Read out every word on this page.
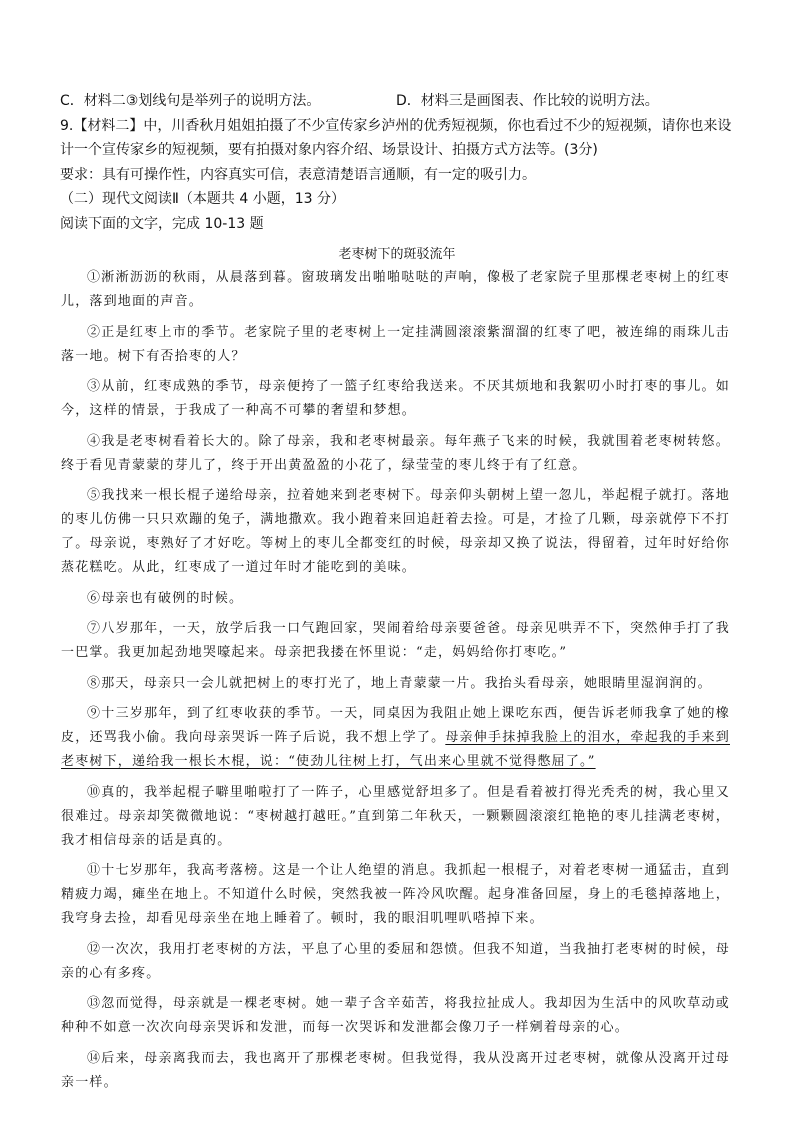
C．材料二③划线句是举列子的说明方法。	D．材料三是画图表、作比较的说明方法。

9.【材料二】中，川香秋月姐姐拍摄了不少宣传家乡泸州的优秀短视频，你也看过不少的短视频，请你也来设计一个宣传家乡的短视频，要有拍摄对象内容介绍、场景设计、拍摄方式方法等。(3分)

要求：具有可操作性，内容真实可信，表意清楚语言通顺，有一定的吸引力。

（二）现代文阅读Ⅱ（本题共 4 小题，13 分）

阅读下面的文字，完成 10-13 题

老枣树下的斑驳流年

①淅淅沥沥的秋雨，从晨落到暮。窗玻璃发出啪啪哒哒的声响，像极了老家院子里那棵老枣树上的红枣儿，落到地面的声音。

②正是红枣上市的季节。老家院子里的老枣树上一定挂满圆滚滚紫溜溜的红枣了吧，被连绵的雨珠儿击落一地。树下有否拾枣的人？

③从前，红枣成熟的季节，母亲便挎了一篮子红枣给我送来。不厌其烦地和我絮叨小时打枣的事儿。如今，这样的情景，于我成了一种高不可攀的奢望和梦想。

④我是老枣树看着长大的。除了母亲，我和老枣树最亲。每年燕子飞来的时候，我就围着老枣树转悠。终于看见青蒙蒙的芽儿了，终于开出黄盈盈的小花了，绿莹莹的枣儿终于有了红意。

⑤我找来一根长棍子递给母亲，拉着她来到老枣树下。母亲仰头朝树上望一忽儿，举起棍子就打。落地的枣儿仿佛一只只欢蹦的兔子，满地撒欢。我小跑着来回追赶着去捡。可是，才捡了几颗，母亲就停下不打了。母亲说，枣熟好了才好吃。等树上的枣儿全都变红的时候，母亲却又换了说法，得留着，过年时好给你蒸花糕吃。从此，红枣成了一道过年时才能吃到的美味。

⑥母亲也有破例的时候。

⑦八岁那年，一天，放学后我一口气跑回家，哭闹着给母亲要爸爸。母亲见哄弄不下，突然伸手打了我一巴掌。我更加起劲地哭嚎起来。母亲把我搂在怀里说：“走，妈妈给你打枣吃。”

⑧那天，母亲只一会儿就把树上的枣打光了，地上青蒙蒙一片。我抬头看母亲，她眼睛里湿润润的。

⑨十三岁那年，到了红枣收获的季节。一天，同桌因为我阻止她上课吃东西，便告诉老师我拿了她的橡皮，还骂我小偷。我向母亲哭诉一阵子后说，我不想上学了。母亲伸手抹掉我脸上的泪水，牵起我的手来到老枣树下，递给我一根长木棍，说：“使劲儿往树上打，气出来心里就不觉得憋屈了。”

⑩真的，我举起棍子噼里啪啦打了一阵子，心里感觉舒坦多了。但是看着被打得光秃秃的树，我心里又很难过。母亲却笑微微地说：“枣树越打越旺。”直到第二年秋天，一颗颗圆滚滚红艳艳的枣儿挂满老枣树，我才相信母亲的话是真的。

⑪十七岁那年，我高考落榜。这是一个让人绝望的消息。我抓起一根棍子，对着老枣树一通猛击，直到精疲力竭，瘫坐在地上。不知道什么时候，突然我被一阵冷风吹醒。起身准备回屋，身上的毛毯掉落地上，我穹身去捡，却看见母亲坐在地上睡着了。顿时，我的眼泪叽哩叭嗒掉下来。

⑫一次次，我用打老枣树的方法，平息了心里的委屈和怨愤。但我不知道，当我抽打老枣树的时候，母亲的心有多疼。

⑬忽而觉得，母亲就是一棵老枣树。她一辈子含辛茹苦，将我拉扯成人。我却因为生活中的风吹草动或种种不如意一次次向母亲哭诉和发泄，而每一次哭诉和发泄都会像刀子一样剜着母亲的心。

⑭后来，母亲离我而去，我也离开了那棵老枣树。但我觉得，我从没离开过老枣树，就像从没离开过母亲一样。
